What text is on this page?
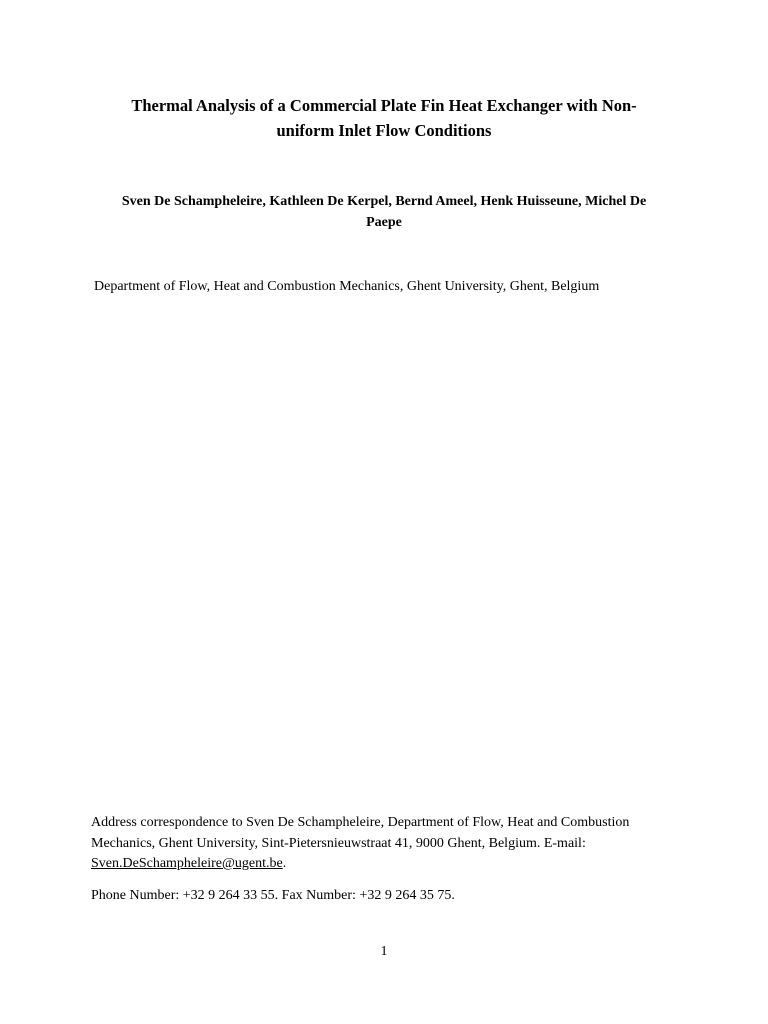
Thermal Analysis of a Commercial Plate Fin Heat Exchanger with Non-
uniform Inlet Flow Conditions

Sven De Schampheleire, Kathleen De Kerpel, Bernd Ameel, Henk Huisseune, Michel De
Paepe

Department of Flow, Heat and Combustion Mechanics, Ghent University, Ghent, Belgium

Address correspondence to Sven De Schampheleire, Department of Flow, Heat and Combustion
Mechanics, Ghent University, Sint-Pietersnieuwstraat 41, 9000 Ghent, Belgium. E-mail:
Sven.DeSchampheleire@ugent.be.

Phone Number: +32 9 264 33 55. Fax Number: +32 9 264 35 75.

1
